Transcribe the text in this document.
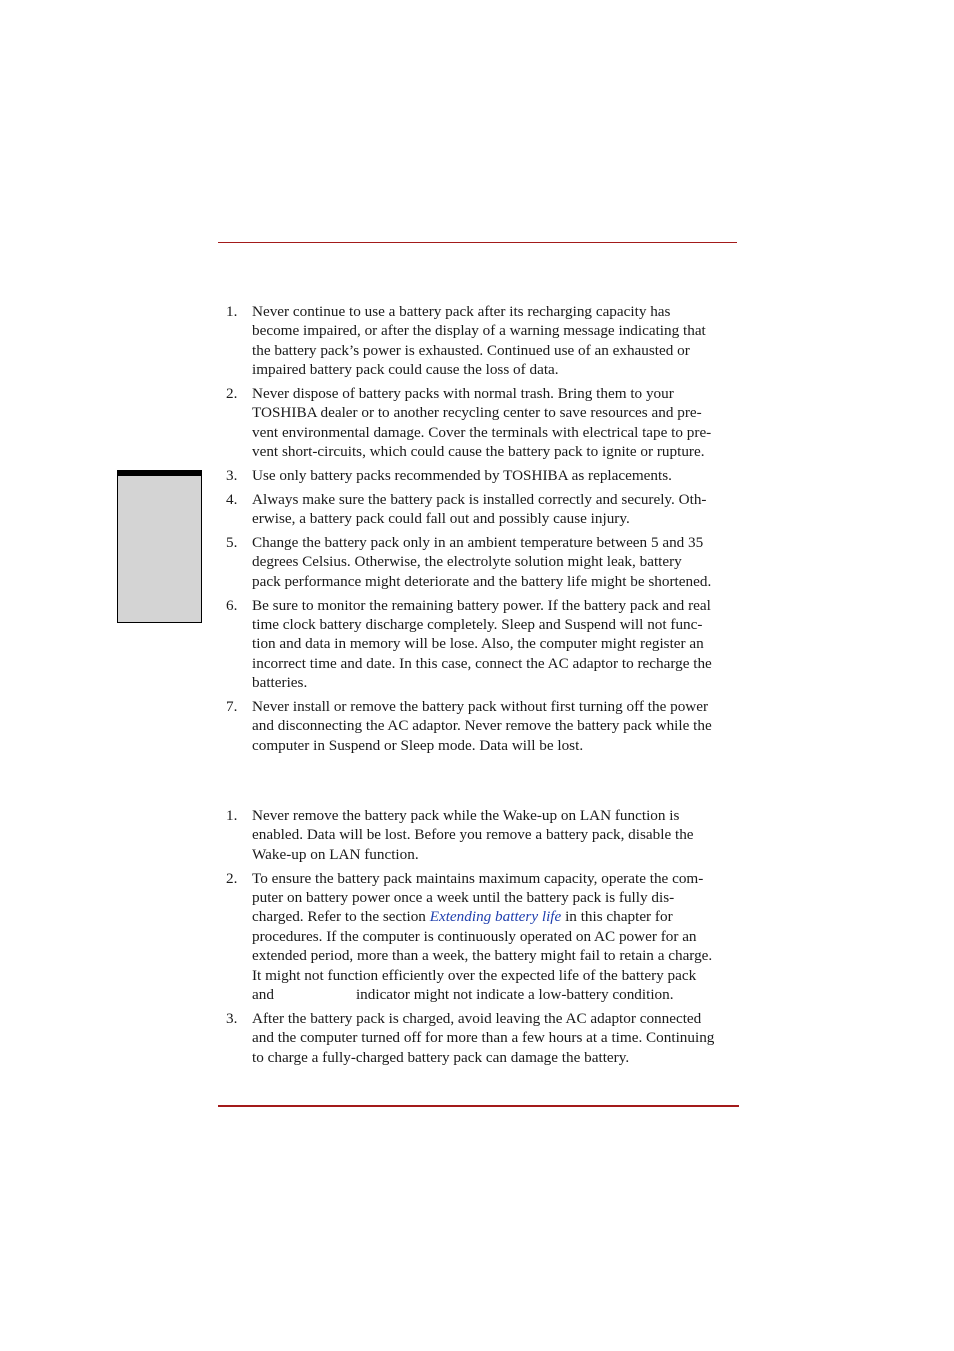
1. Never continue to use a battery pack after its recharging capacity has
become impaired, or after the display of a warning message indicating that
the battery pack’s power is exhausted. Continued use of an exhausted or
impaired battery pack could cause the loss of data.
2. Never dispose of battery packs with normal trash. Bring them to your
TOSHIBA dealer or to another recycling center to save resources and pre-
vent environmental damage. Cover the terminals with electrical tape to pre-
vent short-circuits, which could cause the battery pack to ignite or rupture.
3. Use only battery packs recommended by TOSHIBA as replacements.
4. Always make sure the battery pack is installed correctly and securely. Oth-
erwise, a battery pack could fall out and possibly cause injury.
5. Change the battery pack only in an ambient temperature between 5 and 35
degrees Celsius. Otherwise, the electrolyte solution might leak, battery
pack performance might deteriorate and the battery life might be shortened.
6. Be sure to monitor the remaining battery power. If the battery pack and real
time clock battery discharge completely. Sleep and Suspend will not func-
tion and data in memory will be lose. Also, the computer might register an
incorrect time and date. In this case, connect the AC adaptor to recharge the
batteries.
7. Never install or remove the battery pack without first turning off the power
and disconnecting the AC adaptor. Never remove the battery pack while the
computer in Suspend or Sleep mode. Data will be lost.
1. Never remove the battery pack while the Wake-up on LAN function is
enabled. Data will be lost. Before you remove a battery pack, disable the
Wake-up on LAN function.
2. To ensure the battery pack maintains maximum capacity, operate the com-
puter on battery power once a week until the battery pack is fully dis-
charged. Refer to the section Extending battery life in this chapter for
procedures. If the computer is continuously operated on AC power for an
extended period, more than a week, the battery might fail to retain a charge.
It might not function efficiently over the expected life of the battery pack
and	indicator might not indicate a low-battery condition.
3. After the battery pack is charged, avoid leaving the AC adaptor connected
and the computer turned off for more than a few hours at a time. Continuing
to charge a fully-charged battery pack can damage the battery.
